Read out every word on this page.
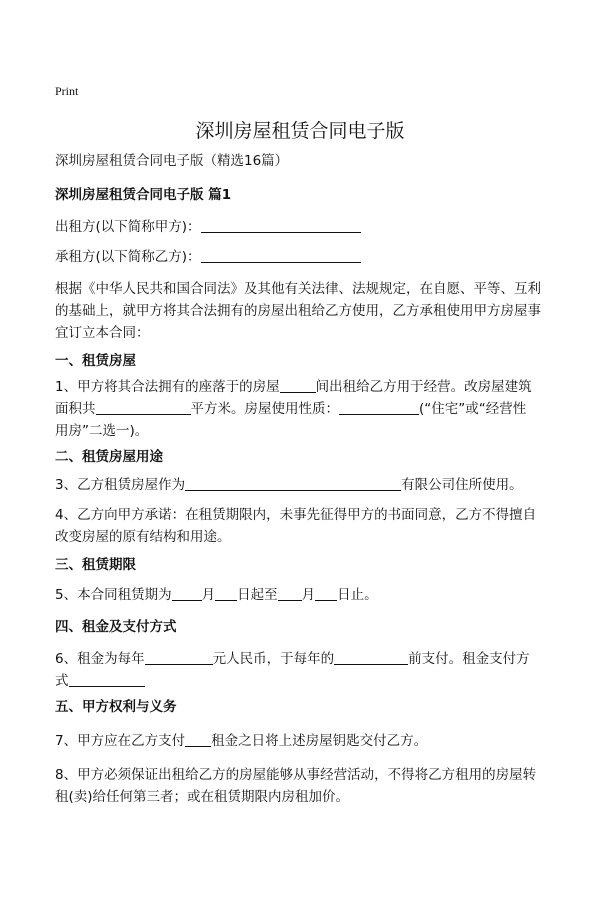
Print
深圳房屋租赁合同电子版
深圳房屋租赁合同电子版（精选16篇）
深圳房屋租赁合同电子版 篇1
出租方(以下简称甲方)：
承租方(以下简称乙方)：
根据《中华人民共和国合同法》及其他有关法律、法规规定，在自愿、平等、互利
的基础上，就甲方将其合法拥有的房屋出租给乙方使用，乙方承租使用甲方房屋事
宜订立本合同：
一、租赁房屋
1、甲方将其合法拥有的座落于的房屋	间出租给乙方用于经营。改房屋建筑
面积共	平方米。房屋使用性质：	(“住宅”或“经营性
用房”二选一)。
二、租赁房屋用途
3、乙方租赁房屋作为	有限公司住所使用。
4、乙方向甲方承诺：在租赁期限内，未事先征得甲方的书面同意，乙方不得擅自
改变房屋的原有结构和用途。
三、租赁期限
5、本合同租赁期为 月 日起至 月 日止。
四、租金及支付方式
6、租金为每年	元人民币，于每年的	前支付。租金支付方
式
五、甲方权利与义务
7、甲方应在乙方支付 租金之日将上述房屋钥匙交付乙方。
8、甲方必须保证出租给乙方的房屋能够从事经营活动，不得将乙方租用的房屋转
租(卖)给任何第三者；或在租赁期限内房租加价。
